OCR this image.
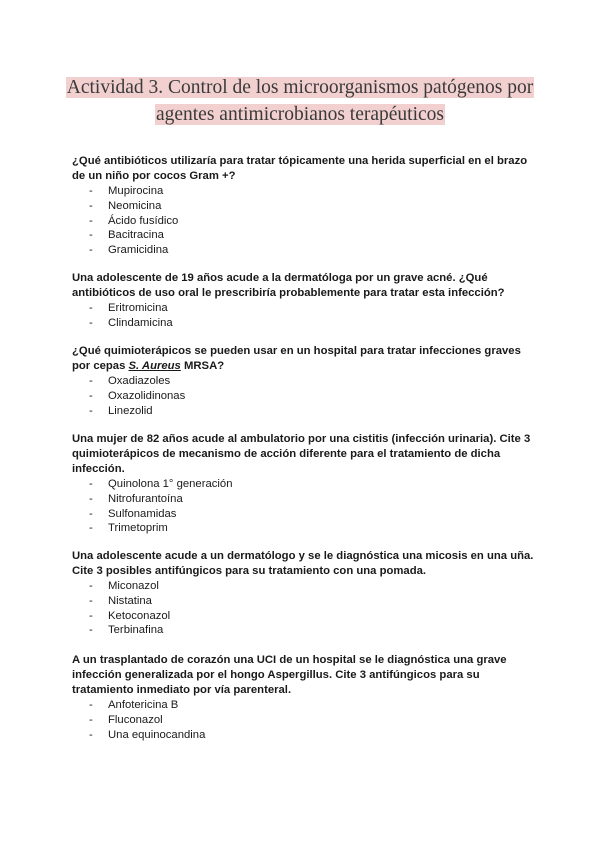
Actividad 3. Control de los microorganismos patógenos por
agentes antimicrobianos terapéuticos

¿Qué antibióticos utilizaría para tratar tópicamente una herida superficial en el brazo de un niño por cocos Gram +?

- Mupirocina
- Neomicina
- Ácido fusídico
- Bacitracina
- Gramicidina

Una adolescente de 19 años acude a la dermatóloga por un grave acné. ¿Qué antibióticos de uso oral le prescribiría probablemente para tratar esta infección?

- Eritromicina
- Clindamicina

¿Qué quimioterápicos se pueden usar en un hospital para tratar infecciones graves por cepas S. Aureus MRSA?

- Oxadiazoles
- Oxazolidinonas
- Linezolid

Una mujer de 82 años acude al ambulatorio por una cistitis (infección urinaria). Cite 3 quimioterápicos de mecanismo de acción diferente para el tratamiento de dicha infección.

- Quinolona 1° generación
- Nitrofurantoína
- Sulfonamidas
- Trimetoprim

Una adolescente acude a un dermatólogo y se le diagnóstica una micosis en una uña. Cite 3 posibles antifúngicos para su tratamiento con una pomada.

- Miconazol
- Nistatina
- Ketoconazol
- Terbinafina

A un trasplantado de corazón una UCI de un hospital se le diagnóstica una grave infección generalizada por el hongo Aspergillus. Cite 3 antifúngicos para su tratamiento inmediato por vía parenteral.

- Anfotericina B
- Fluconazol
- Una equinocandina
